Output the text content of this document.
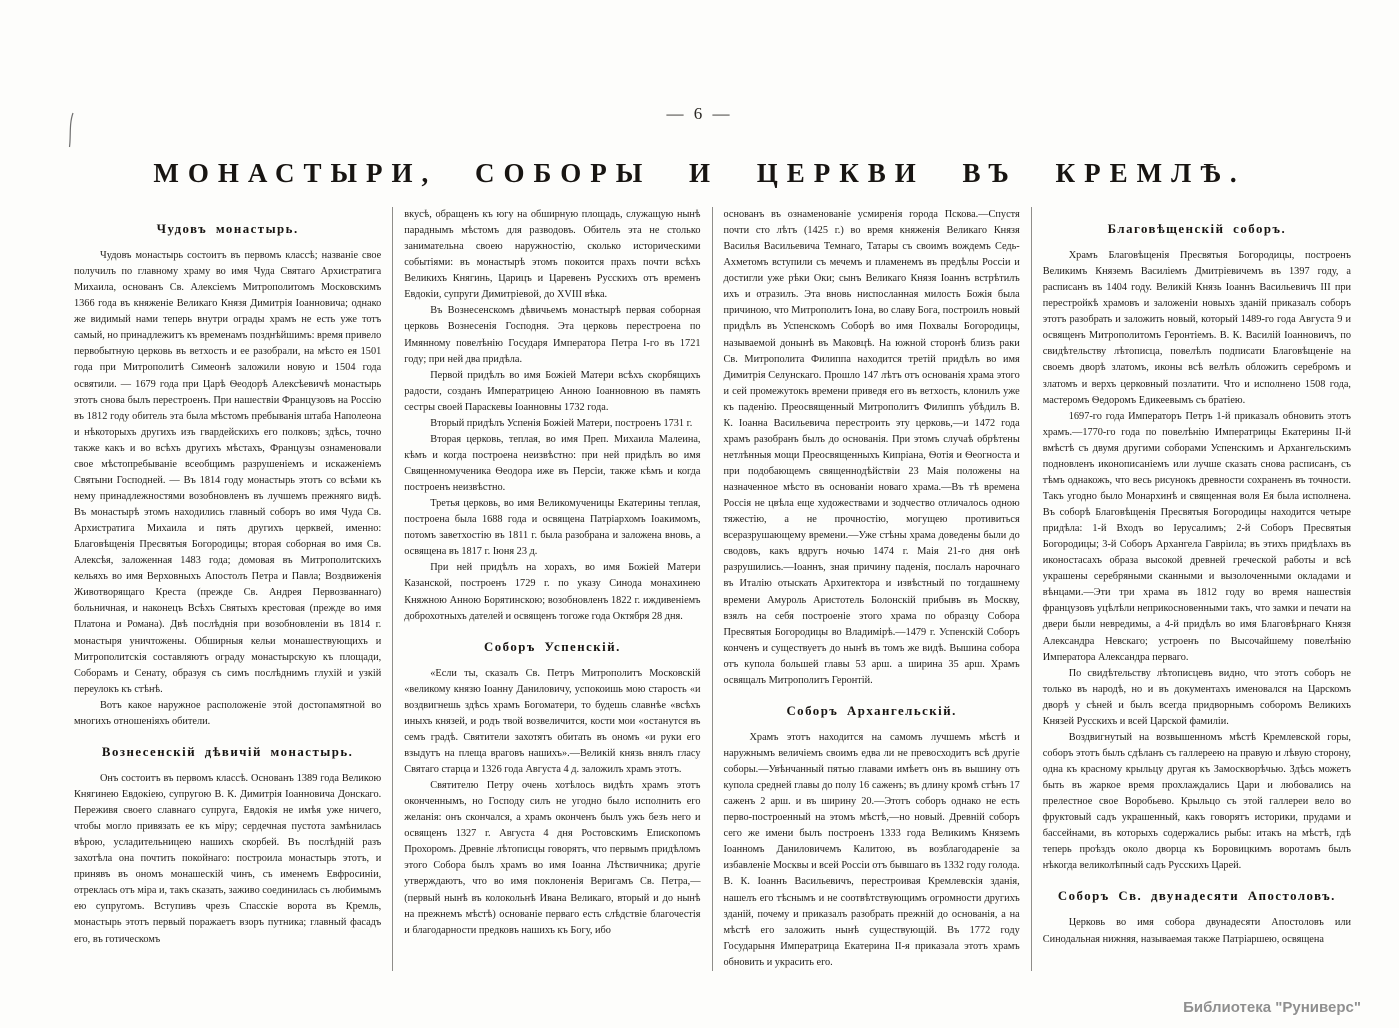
— 6 —
МОНАСТЫРИ, СОБОРЫ И ЦЕРКВИ ВЪ КРЕМЛѢ.
Чудовъ монастырь.

Чудовъ монастырь состоитъ въ первомъ классѣ; названіе свое получилъ по главному храму во имя Чуда Святаго Архистратига Михаила, основанъ Св. Алексіемъ Митрополитомъ Московскимъ 1366 года въ княженіе Великаго Князя Димитрія Іоанновича; однако же видимый нами теперь внутри ограды храмъ не есть уже тотъ самый, но принадлежитъ къ временамъ позднѣйшимъ: время привело первобытную церковь въ ветхость и ее разобрали, на мѣсто ея 1501 года при Митрополитѣ Симеонѣ заложили новую и 1504 года освятили. — 1679 года при Царѣ Ѳеодорѣ Алексѣевичѣ монастырь этотъ снова былъ перестроенъ. При нашествіи Французовъ на Россію въ 1812 году обитель эта была мѣстомъ пребыванія штаба Наполеона и нѣкоторыхъ другихъ изъ гвардейскихъ его полковъ; здѣсь, точно также какъ и во всѣхъ другихъ мѣстахъ, Французы ознаменовали свое мѣстопребываніе всеобщимъ разрушеніемъ и искаженіемъ Святыни Господней. — Въ 1814 году монастырь этотъ со всѣми къ нему принадлежностями возобновленъ въ лучшемъ прежняго видѣ. Въ монастырѣ этомъ находились главный соборъ во имя Чуда Св. Архистратига Михаила и пять другихъ церквей, именно: Благовѣщенія Пресвятыя Богородицы; вторая соборная во имя Св. Алексѣя, заложенная 1483 года; домовая въ Митрополитскихъ кельяхъ во имя Верховныхъ Апостолъ Петра и Павла; Воздвиженія Животворящаго Креста (прежде Св. Андрея Первозваннаго) больничная, и наконецъ Всѣхъ Святыхъ крестовая (прежде во имя Платона и Романа). Двѣ послѣднія при возобновленіи въ 1814 г. монастыря уничтожены. Обширныя кельи монашествующихъ и Митрополитскія составляютъ ограду монастырскую къ площади, Соборамъ и Сенату, образуя съ симъ послѣднимъ глухій и узкій переулокъ къ стѣнѣ.

Вотъ какое наружное расположеніе этой достопамятной во многихъ отношеніяхъ обители.

Вознесенскій дѣвичій монастырь.

Онъ состоитъ въ первомъ классѣ. Основанъ 1389 года Великою Княгинею Евдокіею, супругою В. К. Димитрія Іоанновича Донскаго. Переживя своего славнаго супруга, Евдокія не имѣя уже ничего, чтобы могло привязать ее къ міру; сердечная пустота замѣнилась вѣрою, усладительницею нашихъ скорбей. Въ послѣдній разъ захотѣла она почтить покойнаго: построила монастырь этотъ, и принявъ въ ономъ монашескій чинъ, съ именемъ Евфросиніи, отреклась отъ міра и, такъ сказать, заживо соединилась съ любимымъ ею супругомъ. Вступивъ чрезъ Спасскіе ворота въ Кремль, монастырь этотъ первый поражаетъ взоръ путника; главный фасадъ его, въ готическомъ

вкусѣ, обращенъ къ югу на обширную площадь, служащую нынѣ параднымъ мѣстомъ для разводовъ. Обитель эта не столько занимательна своею наружностію, сколько историческими событіями: въ монастырѣ этомъ покоится прахъ почти всѣхъ Великихъ Княгинь, Царицъ и Царевенъ Русскихъ отъ временъ Евдокіи, супруги Димитріевой, до XVIII вѣка.

Въ Вознесенскомъ дѣвичьемъ монастырѣ первая соборная церковь Вознесенія Господня. Эта церковь перестроена по Имянному повелѣнію Государя Императора Петра I-го въ 1721 году; при ней два придѣла.

Первой придѣлъ во имя Божіей Матери всѣхъ скорбящихъ радости, созданъ Императрицею Анною Іоанновною въ память сестры своей Параскевы Іоанновны 1732 года.

Вторый придѣлъ Успенія Божіей Матери, построенъ 1731 г.

Вторая церковь, теплая, во имя Преп. Михаила Малеина, кѣмъ и когда построена неизвѣстно: при ней придѣлъ во имя Священномученика Ѳеодора иже въ Персіи, также кѣмъ и когда построенъ неизвѣстно.

Третья церковь, во имя Великомученицы Екатерины теплая, построена была 1688 года и освящена Патріархомъ Іоакимомъ, потомъ заветхостію въ 1811 г. была разобрана и заложена вновь, а освящена въ 1817 г. Іюня 23 д.

При ней придѣлъ на хорахъ, во имя Божіей Матери Казанской, построенъ 1729 г. по указу Синода монахинею Княжною Анною Борятинскою; возобновленъ 1822 г. иждивеніемъ доброхотныхъ дателей и освященъ тогоже года Октября 28 дня.

Соборъ Успенскій.

«Если ты, сказалъ Св. Петръ Митрополитъ Московскій «великому князю Іоанну Даниловичу, успокоишь мою старость «и воздвигнешь здѣсь храмъ Богоматери, то будешь славнѣе «всѣхъ иныхъ князей, и родъ твой возвеличится, кости мои «останутся въ семъ градѣ. Святители захотятъ обитать въ ономъ «и руки его взыдутъ на плеща враговъ нашихъ».—Великій князь внялъ гласу Святаго старца и 1326 года Августа 4 д. заложилъ храмъ этотъ.

Святителю Петру очень хотѣлось видѣть храмъ этотъ оконченнымъ, но Господу силъ не угодно было исполнить его желанія: онъ скончался, а храмъ оконченъ былъ ужъ безъ него и освященъ 1327 г. Августа 4 дня Ростовскимъ Епископомъ Прохоромъ. Древніе лѣтописцы говорятъ, что первымъ придѣломъ этого Собора былъ храмъ во имя Іоанна Лѣствичника; другіе утверждаютъ, что во имя поклоненія Веригамъ Св. Петра,—(первый нынѣ въ колокольнѣ Ивана Великаго, вторый и до нынѣ на прежнемъ мѣстѣ) основаніе перваго есть слѣдствіе благочестія и благодарности предковъ нашихъ къ Богу, ибо

основанъ въ ознаменованіе усмиренія города Пскова.—Спустя почти сто лѣтъ (1425 г.) во время княженія Великаго Князя Василья Васильевича Темнаго, Татары съ своимъ вождемъ Седь-Ахметомъ вступили съ мечемъ и пламенемъ въ предѣлы Россіи и достигли уже рѣки Оки; сынъ Великаго Князя Іоаннъ встрѣтилъ ихъ и отразилъ. Эта вновь ниспосланная милость Божія была причиною, что Митрополитъ Іона, во славу Бога, построилъ новый придѣлъ въ Успенскомъ Соборѣ во имя Похвалы Богородицы, называемой донынѣ въ Маковцѣ. На южной сторонѣ близъ раки Св. Митрополита Филиппа находится третій придѣлъ во имя Димитрія Селунскаго. Прошло 147 лѣтъ отъ основанія храма этого и сей промежутокъ времени приведя его въ ветхость, клонилъ уже къ паденію. Преосвященный Митрополитъ Филиппъ убѣдилъ В. К. Іоанна Васильевича перестроить эту церковь,—и 1472 года храмъ разобранъ былъ до основанія. При этомъ случаѣ обрѣтены нетлѣнныя мощи Преосвященныхъ Кипріана, Ѳотія и Ѳеогноста и при подобающемъ священнодѣйствіи 23 Маія положены на назначенное мѣсто въ основаніи новаго храма.—Въ тѣ времена Россія не цвѣла еще художествами и зодчество отличалось одною тяжестію, а не прочностію, могущею противиться всеразрушающему времени.—Уже стѣны храма доведены были до сводовъ, какъ вдругъ ночью 1474 г. Маія 21-го дня онѣ разрушились.—Іоаннъ, зная причину паденія, послалъ нарочнаго въ Италію отыскать Архитектора и извѣстный по тогдашнему времени Амуроль Аристотель Болонскій прибывъ въ Москву, взялъ на себя построеніе этого храма по образцу Собора Пресвятыя Богородицы во Владимірѣ.—1479 г. Успенскій Соборъ конченъ и существуетъ до нынѣ въ томъ же видѣ. Вышина собора отъ купола большей главы 53 арш. а ширина 35 арш. Храмъ освящалъ Митрополитъ Геронтій.

Соборъ Архангельскій.

Храмъ этотъ находится на самомъ лучшемъ мѣстѣ и наружнымъ величіемъ своимъ едва ли не превосходитъ всѣ другіе соборы.—Увѣнчанный пятью главами имѣетъ онъ въ вышину отъ купола средней главы до полу 16 саженъ; въ длину кромѣ стѣнъ 17 саженъ 2 арш. и въ ширину 20.—Этотъ соборъ однако не есть перво-построенный на этомъ мѣстѣ,—но новый. Древній соборъ сего же имени былъ построенъ 1333 года Великимъ Княземъ Іоанномъ Даниловичемъ Калитою, въ возблагодареніе за избавленіе Москвы и всей Россіи отъ бывшаго въ 1332 году голода. В. К. Іоаннъ Васильевичъ, перестроивая Кремлевскія зданія, нашелъ его тѣснымъ и не соотвѣтствующимъ огромности другихъ зданій, почему и приказалъ разобрать прежній до основанія, а на мѣстѣ его заложить нынѣ существующій. Въ 1772 году Государыня Императрица Екатерина II-я приказала этотъ храмъ обновить и украсить его.

Благовѣщенскій соборъ.

Храмъ Благовѣщенія Пресвятыя Богородицы, построенъ Великимъ Княземъ Василіемъ Дмитріевичемъ въ 1397 году, а расписанъ въ 1404 году. Великій Князь Іоаннъ Васильевичъ III при перестройкѣ храмовъ и заложеніи новыхъ зданій приказалъ соборъ этотъ разобрать и заложить новый, который 1489-го года Августа 9 и освященъ Митрополитомъ Геронтіемъ. В. К. Василій Іоанновичъ, по свидѣтельству лѣтописца, повелѣлъ подписати Благовѣщеніе на своемъ дворѣ златомъ, иконы всѣ велѣлъ обложить серебромъ и златомъ и верхъ церковный позлатити. Что и исполнено 1508 года, мастеромъ Ѳедоромъ Едикеевымъ съ братіею.

1697-го года Императоръ Петръ 1-й приказалъ обновить этотъ храмъ.—1770-го года по повелѣнію Императрицы Екатерины II-й вмѣстѣ съ двумя другими соборами Успенскимъ и Архангельскимъ подновленъ иконописаніемъ или лучше сказать снова расписанъ, съ тѣмъ однакожъ, что весь рисунокъ древности сохраненъ въ точности. Такъ угодно было Монархинѣ и священная воля Ея была исполнена. Въ соборѣ Благовѣщенія Пресвятыя Богородицы находится четыре придѣла: 1-й Входъ во Іерусалимъ; 2-й Соборъ Пресвятыя Богородицы; 3-й Соборъ Архангела Гавріила; въ этихъ придѣлахъ въ иконостасахъ образа высокой древней греческой работы и всѣ украшены серебряными сканными и вызолоченными окладами и вѣнцами.—Эти три храма въ 1812 году во время нашествія французовъ уцѣлѣли неприкосновенными такъ, что замки и печати на двери были невредимы, а 4-й придѣлъ во имя Благовѣрнаго Князя Александра Невскаго; устроенъ по Высочайшему повелѣнію Императора Александра перваго.

По свидѣтельству лѣтописцевъ видно, что этотъ соборъ не только въ народѣ, но и въ документахъ именовался на Царскомъ дворѣ у сѣней и былъ всегда придворнымъ соборомъ Великихъ Князей Русскихъ и всей Царской фамиліи.

Воздвигнутый на возвышенномъ мѣстѣ Кремлевской горы, соборъ этотъ былъ сдѣланъ съ галлереею на правую и лѣвую сторону, одна къ красному крыльцу другая къ Замоскворѣчью. Здѣсь можетъ быть въ жаркое время прохлаждались Цари и любовались на прелестное свое Воробьево. Крыльцо съ этой галлереи вело во фруктовый садъ украшенный, какъ говорятъ историки, прудами и бассейнами, въ которыхъ содержались рыбы: итакъ на мѣстѣ, гдѣ теперь проѣздъ около дворца къ Боровицкимъ воротамъ былъ нѣкогда великолѣпный садъ Русскихъ Царей.

Соборъ Св. двунадесяти Апостоловъ.

Церковь во имя собора двунадесяти Апостоловъ или Синодальная нижняя, называемая также Патріаршею, освящена

Библиотека "Руниверс"
